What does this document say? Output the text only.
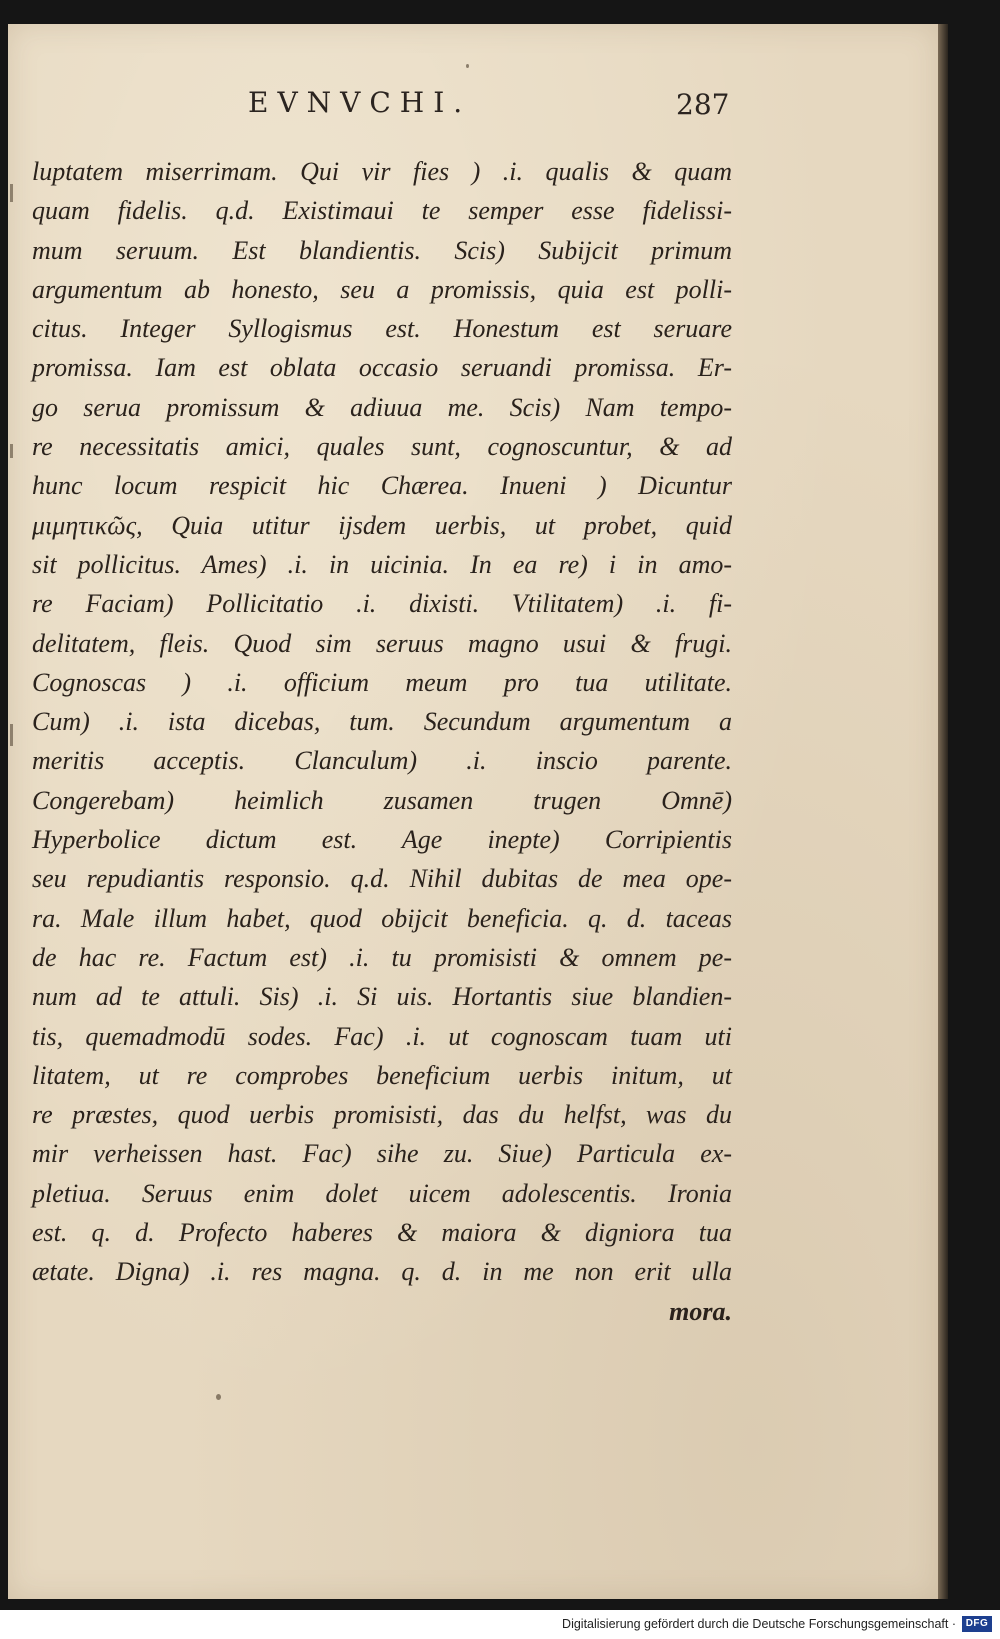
EVNVCHI.	287
luptatem miserrimam. Qui vir fies ) .i. qualis & quam
quam fidelis. q.d. Existimaui te semper esse fidelissi-
mum seruum. Est blandientis. Scis) Subijcit primum
argumentum ab honesto, seu a promissis, quia est polli-
citus. Integer Syllogismus est. Honestum est seruare
promissa. Iam est oblata occasio seruandi promissa. Er-
go serua promissum & adiuua me. Scis) Nam tempo-
re necessitatis amici, quales sunt, cognoscuntur, & ad
hunc locum respicit hic Chærea. Inueni ) Dicuntur
μιμητικῶς, Quia utitur ijsdem uerbis, ut probet, quid
sit pollicitus. Ames) .i. in uicinia. In ea re) i in amo-
re Faciam) Pollicitatio .i. dixisti. Vtilitatem) .i. fi-
delitatem, fleis. Quod sim seruus magno usui & frugi.
Cognoscas ) .i. officium meum pro tua utilitate.
Cum) .i. ista dicebas, tum. Secundum argumentum a
meritis acceptis. Clanculum) .i. inscio parente.
Congerebam) heimlich zusamen trugen Omnē)
Hyperbolice dictum est. Age inepte) Corripientis
seu repudiantis responsio. q.d. Nihil dubitas de mea ope-
ra. Male illum habet, quod obijcit beneficia. q. d. taceas
de hac re. Factum est) .i. tu promisisti & omnem pe-
num ad te attuli. Sis) .i. Si uis. Hortantis siue blandien-
tis, quemadmodū sodes. Fac) .i. ut cognoscam tuam uti
litatem, ut re comprobes beneficium uerbis initum, ut
re præstes, quod uerbis promisisti, das du helfst, was du
mir verheissen hast. Fac) sihe zu. Siue) Particula ex-
pletiua. Seruus enim dolet uicem adolescentis. Ironia
est. q. d. Profecto haberes & maiora & digniora tua
ætate. Digna) .i. res magna. q. d. in me non erit ulla
mora.
Digitalisierung gefördert durch die Deutsche Forschungsgemeinschaft · DFG
